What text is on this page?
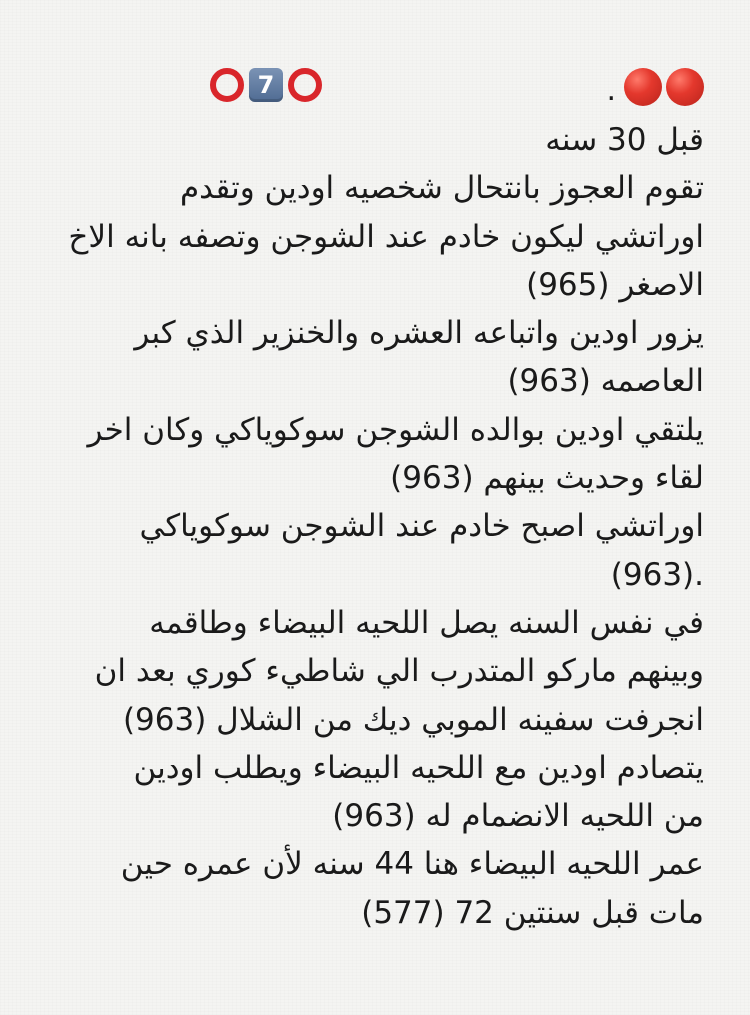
7	.
قبل 30 سنه
تقوم العجوز بانتحال شخصيه اودين وتقدم
اوراتشي ليكون خادم عند الشوجن وتصفه بانه الاخ
الاصغر (965)
يزور اودين واتباعه العشره والخنزير الذي كبر
العاصمه (963)
يلتقي اودين بوالده الشوجن سوكوياكي وكان اخر
لقاء وحديث بينهم (963)
اوراتشي اصبح خادم عند الشوجن سوكوياكي
(963).
في نفس السنه يصل اللحيه البيضاء وطاقمه
وبينهم ماركو المتدرب الي شاطيء كوري بعد ان
انجرفت سفينه الموبي ديك من الشلال (963)
يتصادم اودين مع اللحيه البيضاء ويطلب اودين
من اللحيه الانضمام له (963)
عمر اللحيه البيضاء هنا 44 سنه لأن عمره حين
مات قبل سنتين 72 (577)
